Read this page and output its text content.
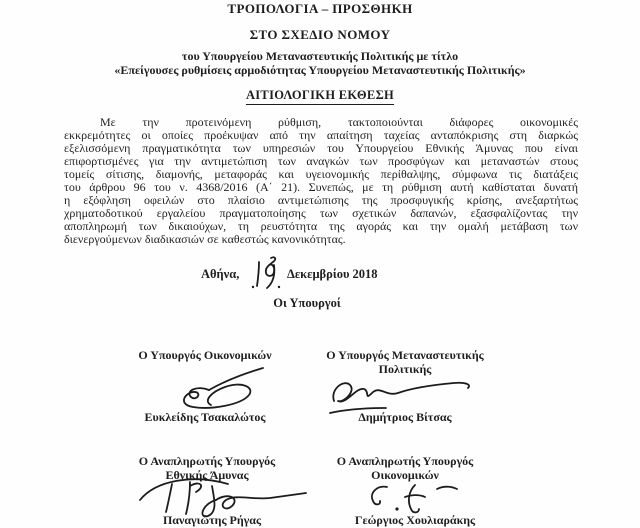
ΤΡΟΠΟΛΟΓΙΑ – ΠΡΟΣΘΗΚΗ
ΣΤΟ ΣΧΕΔΙΟ ΝΟΜΟΥ
του Υπουργείου Μεταναστευτικής Πολιτικής με τίτλο
«Επείγουσες ρυθμίσεις αρμοδιότητας Υπουργείου Μεταναστευτικής Πολιτικής»
ΑΙΤΙΟΛΟΓΙΚΗ ΕΚΘΕΣΗ
Με την προτεινόμενη ρύθμιση, τακτοποιούνται διάφορες οικονομικές
εκκρεμότητες οι οποίες προέκυψαν από την απαίτηση ταχείας ανταπόκρισης στη διαρκώς
εξελισσόμενη πραγματικότητα των υπηρεσιών του Υπουργείου Εθνικής Άμυνας που είναι
επιφορτισμένες για την αντιμετώπιση των αναγκών των προσφύγων και μεταναστών στους
τομείς σίτισης, διαμονής, μεταφοράς και υγειονομικής περίθαλψης, σύμφωνα τις διατάξεις
του άρθρου 96 του ν. 4368/2016 (Α΄ 21). Συνεπώς, με τη ρύθμιση αυτή καθίσταται δυνατή
η εξόφληση οφειλών στο πλαίσιο αντιμετώπισης της προσφυγικής κρίσης, ανεξαρτήτως
χρηματοδοτικού εργαλείου πραγματοποίησης των σχετικών δαπανών, εξασφαλίζοντας την
αποπληρωμή των δικαιούχων, τη ρευστότητα της αγοράς και την ομαλή μετάβαση των
διενεργούμενων διαδικασιών σε καθεστώς κανονικότητας.
Αθήνα,	Δεκεμβρίου 2018
Οι Υπουργοί
Ο Υπουργός Οικονομικών
Ευκλείδης Τσακαλώτος
Ο Υπουργός Μεταναστευτικής Πολιτικής
Δημήτριος Βίτσας
Ο Αναπληρωτής Υπουργός Εθνικής Άμυνας
Παναγιώτης Ρήγας
Ο Αναπληρωτής Υπουργός Οικονομικών
Γεώργιος Χουλιαράκης
